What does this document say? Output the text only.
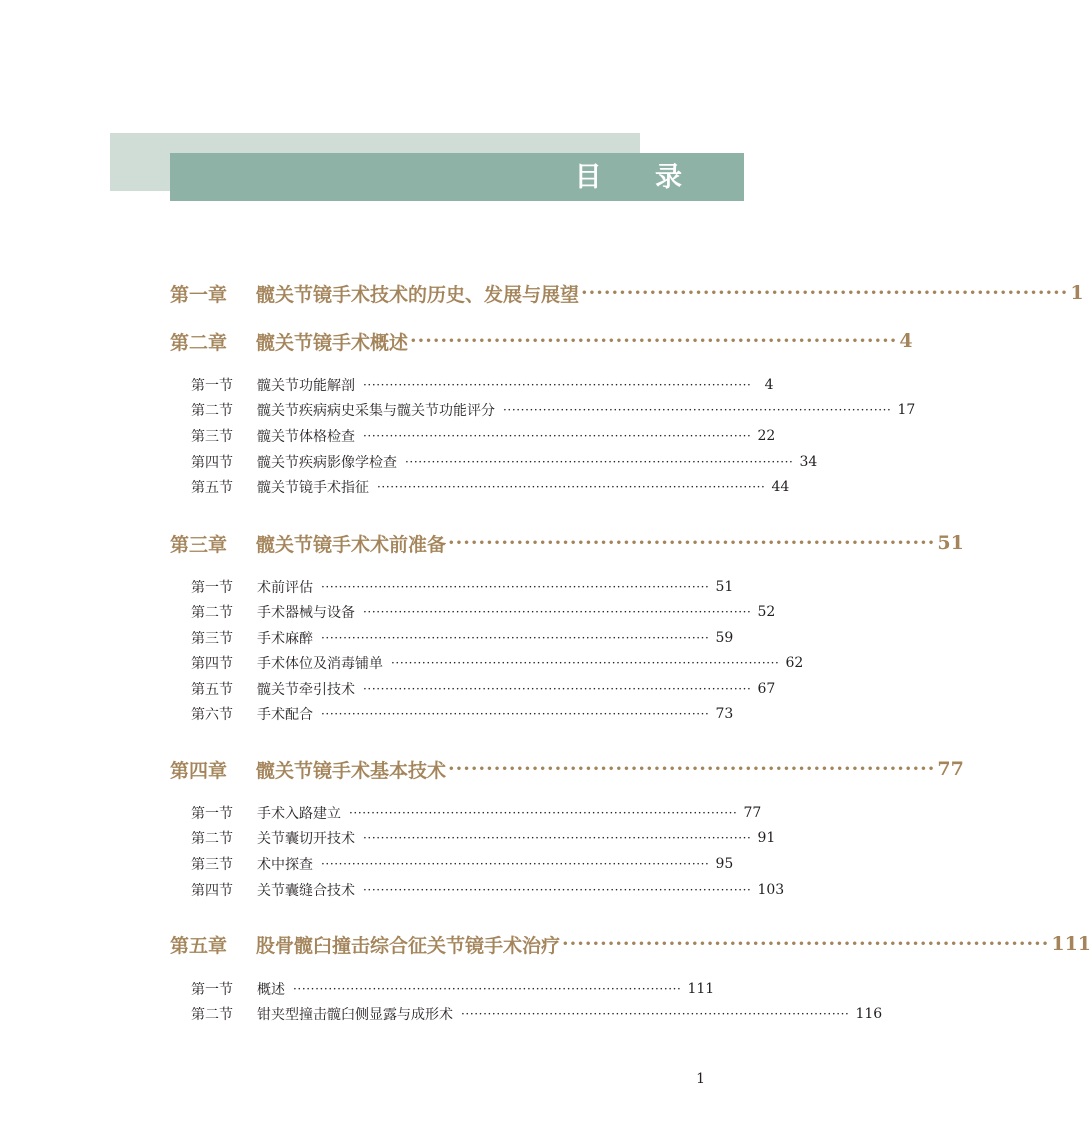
目 录
第一章	髋关节镜手术技术的历史、发展与展望 ································································ 1
第二章	髋关节镜手术概述 ································································ 4
第一节	髋关节功能解剖 ························································································ 4
第二节	髋关节疾病病史采集与髋关节功能评分 ························································································ 17
第三节	髋关节体格检查 ························································································ 22
第四节	髋关节疾病影像学检查 ························································································ 34
第五节	髋关节镜手术指征 ························································································ 44
第三章	髋关节镜手术术前准备 ································································ 51
第一节	术前评估 ························································································ 51
第二节	手术器械与设备 ························································································ 52
第三节	手术麻醉 ························································································ 59
第四节	手术体位及消毒铺单 ························································································ 62
第五节	髋关节牵引技术 ························································································ 67
第六节	手术配合 ························································································ 73
第四章	髋关节镜手术基本技术 ································································ 77
第一节	手术入路建立 ························································································ 77
第二节	关节囊切开技术 ························································································ 91
第三节	术中探查 ························································································ 95
第四节	关节囊缝合技术 ························································································ 103
第五章	股骨髋臼撞击综合征关节镜手术治疗 ································································ 111
第一节	概述 ························································································ 111
第二节	钳夹型撞击髋臼侧显露与成形术 ························································································ 116
1
